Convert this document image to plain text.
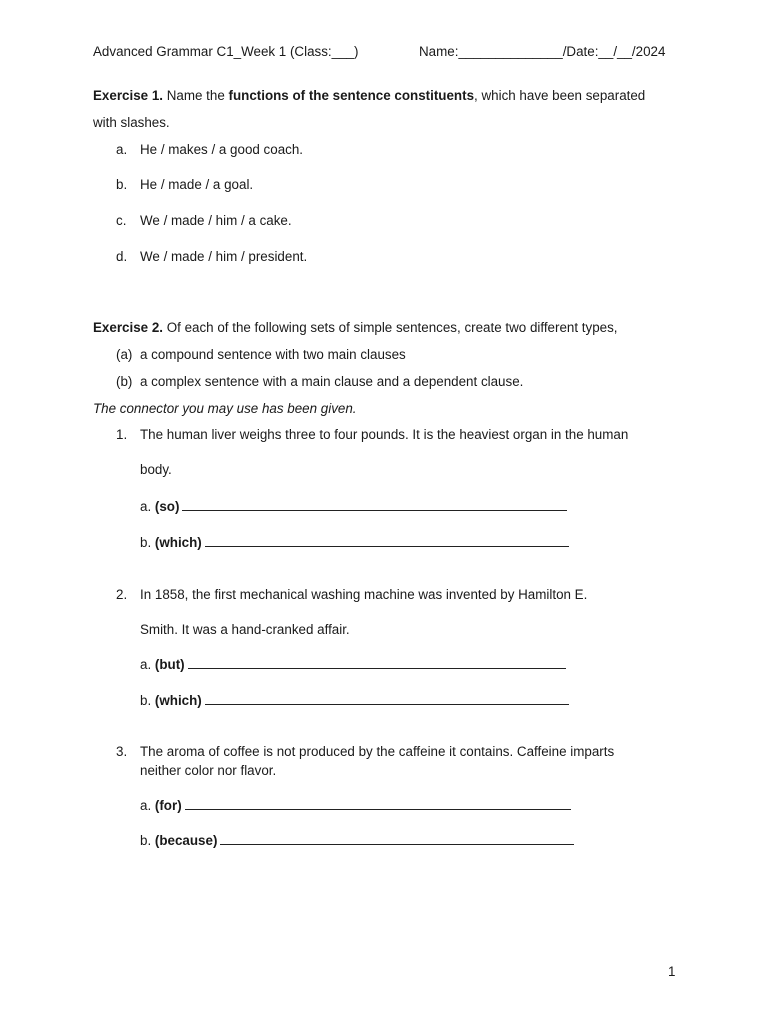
Advanced Grammar C1_Week 1 (Class:___)	Name:______________/Date:__/__/2024
Exercise 1. Name the functions of the sentence constituents, which have been separated
with slashes.
a. He / makes / a good coach.
b. He / made / a goal.
c. We / made / him / a cake.
d. We / made / him / president.
Exercise 2. Of each of the following sets of simple sentences, create two different types,
(a) a compound sentence with two main clauses
(b) a complex sentence with a main clause and a dependent clause.
The connector you may use has been given.
1. The human liver weighs three to four pounds. It is the heaviest organ in the human
body.
a. (so)
b. (which)
2. In 1858, the first mechanical washing machine was invented by Hamilton E.
Smith. It was a hand-cranked affair.
a. (but)
b. (which)
3. The aroma of coffee is not produced by the caffeine it contains. Caffeine imparts
neither color nor flavor.
a. (for)
b. (because)
1
